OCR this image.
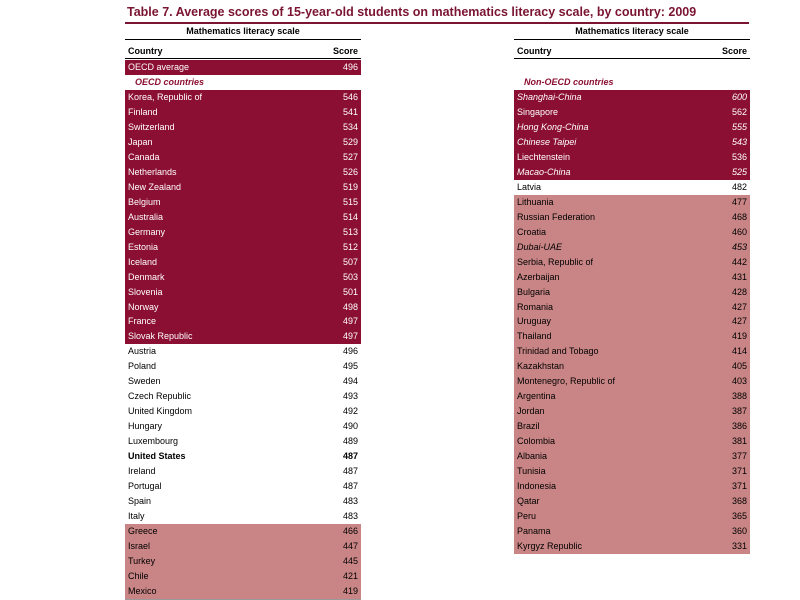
Table 7. Average scores of 15-year-old students on mathematics literacy scale, by country: 2009
Mathematics literacy scale
Country	Score
OECD average	496
OECD countries
Korea, Republic of	546
Finland	541
Switzerland	534
Japan	529
Canada	527
Netherlands	526
New Zealand	519
Belgium	515
Australia	514
Germany	513
Estonia	512
Iceland	507
Denmark	503
Slovenia	501
Norway	498
France	497
Slovak Republic	497
Austria	496
Poland	495
Sweden	494
Czech Republic	493
United Kingdom	492
Hungary	490
Luxembourg	489
United States	487
Ireland	487
Portugal	487
Spain	483
Italy	483
Greece	466
Israel	447
Turkey	445
Chile	421
Mexico	419
Mathematics literacy scale
Country	Score
Non-OECD countries
Shanghai-China	600
Singapore	562
Hong Kong-China	555
Chinese Taipei	543
Liechtenstein	536
Macao-China	525
Latvia	482
Lithuania	477
Russian Federation	468
Croatia	460
Dubai-UAE	453
Serbia, Republic of	442
Azerbaijan	431
Bulgaria	428
Romania	427
Uruguay	427
Thailand	419
Trinidad and Tobago	414
Kazakhstan	405
Montenegro, Republic of	403
Argentina	388
Jordan	387
Brazil	386
Colombia	381
Albania	377
Tunisia	371
Indonesia	371
Qatar	368
Peru	365
Panama	360
Kyrgyz Republic	331
